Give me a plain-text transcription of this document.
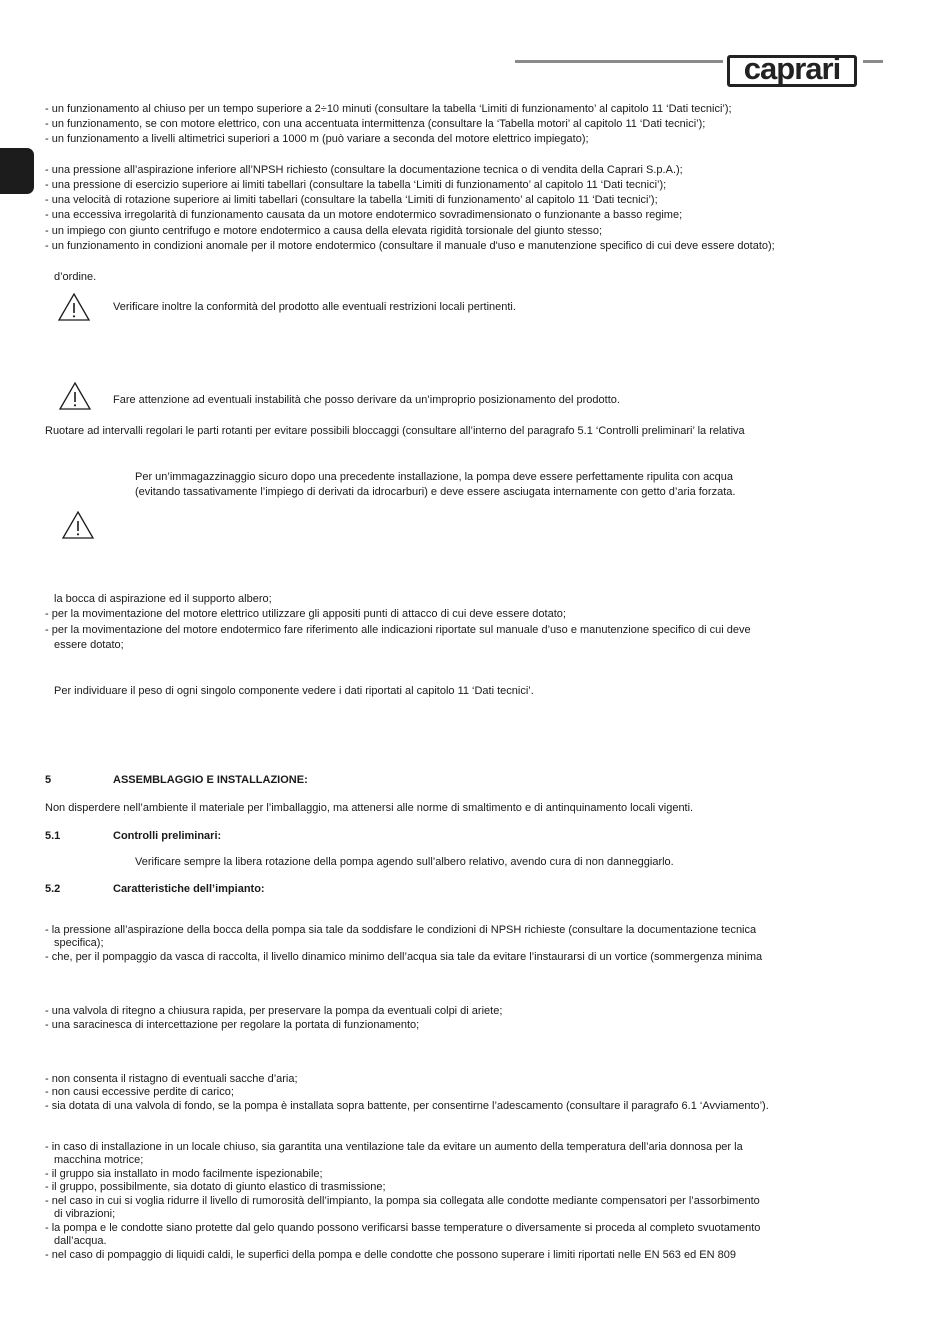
caprari
- un funzionamento al chiuso per un tempo superiore a 2÷10 minuti (consultare la tabella ‘Limiti di funzionamento’ al capitolo 11 ‘Dati tecnici’);
- un funzionamento, se con motore elettrico, con una accentuata intermittenza (consultare la ‘Tabella motori’ al capitolo 11 ‘Dati tecnici’);
- un funzionamento a livelli altimetrici superiori a 1000 m (può variare a seconda del motore elettrico impiegato);
- una pressione all’aspirazione inferiore all’NPSH richiesto (consultare la documentazione tecnica o di vendita della Caprari S.p.A.);
- una pressione di esercizio superiore ai limiti tabellari (consultare la tabella ‘Limiti di funzionamento’ al capitolo 11 ‘Dati tecnici’);
- una velocità di rotazione superiore ai limiti tabellari (consultare la tabella ‘Limiti di funzionamento’ al capitolo 11 ‘Dati tecnici’);
- una eccessiva irregolarità di funzionamento causata da un motore endotermico sovradimensionato o funzionante a basso regime;
- un impiego con giunto centrifugo e motore endotermico a causa della elevata rigidità torsionale del giunto stesso;
- un funzionamento in condizioni anomale per il motore endotermico (consultare il manuale d'uso e manutenzione specifico di cui deve essere dotato);
d’ordine.
Verificare inoltre la conformità del prodotto alle eventuali restrizioni locali pertinenti.
Fare attenzione ad eventuali instabilità che posso derivare da un’improprio posizionamento del prodotto.
Ruotare ad intervalli regolari le parti rotanti per evitare possibili bloccaggi (consultare all’interno del paragrafo 5.1 ‘Controlli preliminari’ la relativa
Per un’immagazzinaggio sicuro dopo una precedente installazione, la pompa deve essere perfettamente ripulita con acqua
(evitando tassativamente l’impiego di derivati da idrocarburi) e deve essere asciugata internamente con getto d’aria forzata.
la bocca di aspirazione ed il supporto albero;
- per la movimentazione del motore elettrico utilizzare gli appositi punti di attacco di cui deve essere dotato;
- per la movimentazione del motore endotermico fare riferimento alle indicazioni riportate sul manuale d’uso e manutenzione specifico di cui deve
essere dotato;
Per individuare il peso di ogni singolo componente vedere i dati riportati al capitolo 11 ‘Dati tecnici’.
5	ASSEMBLAGGIO E INSTALLAZIONE:
Non disperdere nell’ambiente il materiale per l’imballaggio, ma attenersi alle norme di smaltimento e di antinquinamento locali vigenti.
5.1	Controlli preliminari:
Verificare sempre la libera rotazione della pompa agendo sull’albero relativo, avendo cura di non danneggiarlo.
5.2	Caratteristiche dell’impianto:
- la pressione all’aspirazione della bocca della pompa sia tale da soddisfare le condizioni di NPSH richieste (consultare la documentazione tecnica
specifica);
- che, per il pompaggio da vasca di raccolta, il livello dinamico minimo dell’acqua sia tale da evitare l’instaurarsi di un vortice (sommergenza minima
- una valvola di ritegno a chiusura rapida, per preservare la pompa da eventuali colpi di ariete;
- una saracinesca di intercettazione per regolare la portata di funzionamento;
- non consenta il ristagno di eventuali sacche d’aria;
- non causi eccessive perdite di carico;
- sia dotata di una valvola di fondo, se la pompa è installata sopra battente, per consentirne l’adescamento (consultare il paragrafo 6.1 ‘Avviamento’).
- in caso di installazione in un locale chiuso, sia garantita una ventilazione tale da evitare un aumento della temperatura dell’aria donnosa per la
macchina motrice;
- il gruppo sia installato in modo facilmente ispezionabile;
- il gruppo, possibilmente, sia dotato di giunto elastico di trasmissione;
- nel caso in cui si voglia ridurre il livello di rumorosità dell’impianto, la pompa sia collegata alle condotte mediante compensatori per l’assorbimento
di vibrazioni;
- la pompa e le condotte siano protette dal gelo quando possono verificarsi basse temperature o diversamente si proceda al completo svuotamento
dall’acqua.
- nel caso di pompaggio di liquidi caldi, le superfici della pompa e delle condotte che possono superare i limiti riportati nelle EN 563 ed EN 809
